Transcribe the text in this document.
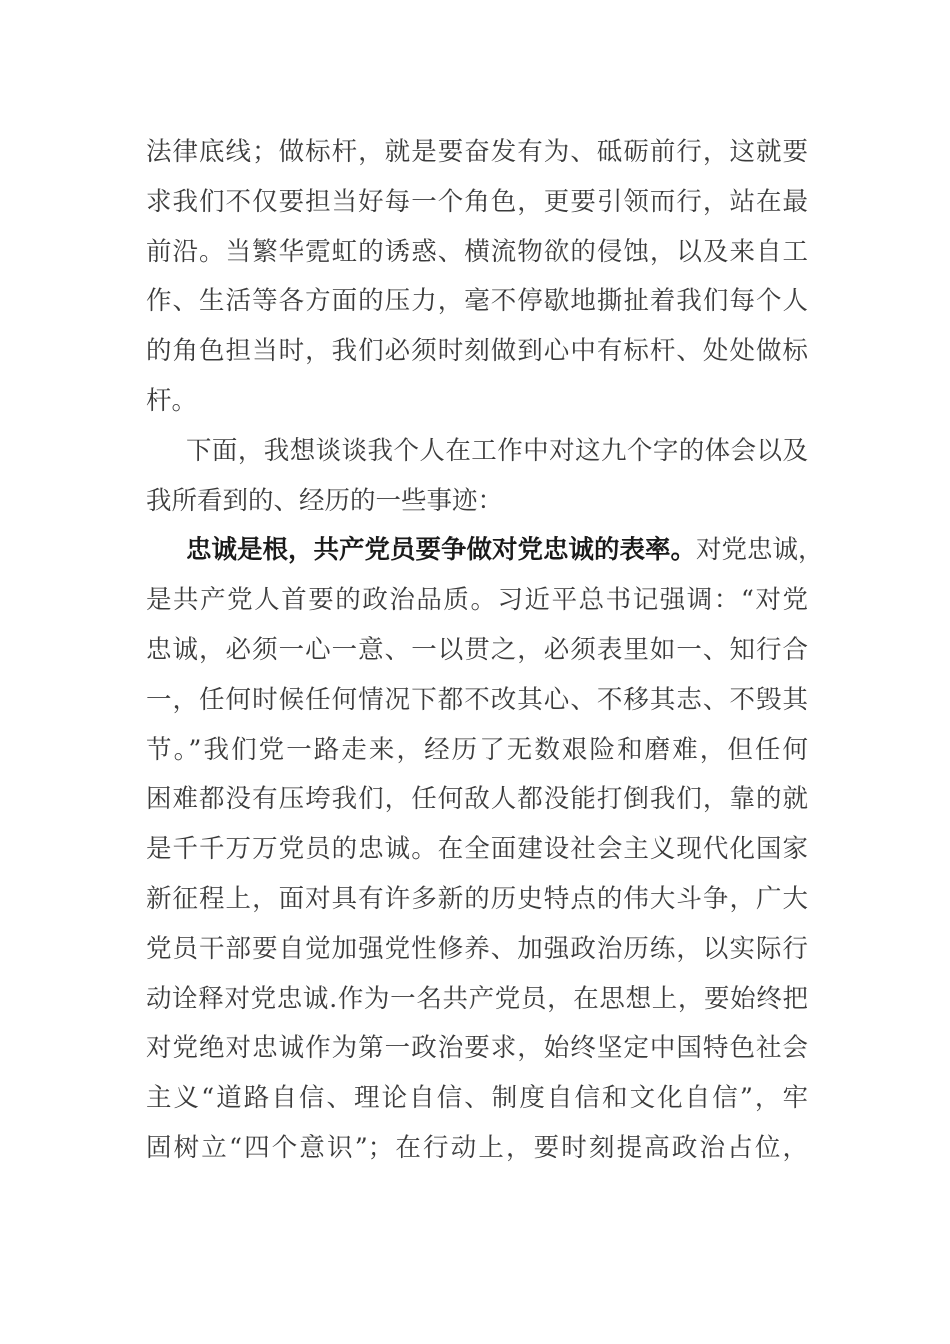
法律底线；做标杆，就是要奋发有为、砥砺前行，这就要
求我们不仅要担当好每一个角色，更要引领而行，站在最
前沿。当繁华霓虹的诱惑、横流物欲的侵蚀，以及来自工
作、生活等各方面的压力，毫不停歇地撕扯着我们每个人
的角色担当时，我们必须时刻做到心中有标杆、处处做标
杆。
下面，我想谈谈我个人在工作中对这九个字的体会以及
我所看到的、经历的一些事迹：
忠诚是根，共产党员要争做对党忠诚的表率。对党忠诚，
是共产党人首要的政治品质。习近平总书记强调：“对党
忠诚，必须一心一意、一以贯之，必须表里如一、知行合
一，任何时候任何情况下都不改其心、不移其志、不毁其
节。”我们党一路走来，经历了无数艰险和磨难，但任何
困难都没有压垮我们，任何敌人都没能打倒我们，靠的就
是千千万万党员的忠诚。在全面建设社会主义现代化国家
新征程上，面对具有许多新的历史特点的伟大斗争，广大
党员干部要自觉加强党性修养、加强政治历练，以实际行
动诠释对党忠诚.作为一名共产党员，在思想上，要始终把
对党绝对忠诚作为第一政治要求，始终坚定中国特色社会
主义“道路自信、理论自信、制度自信和文化自信”，牢
固树立“四个意识”；在行动上，要时刻提高政治占位，
